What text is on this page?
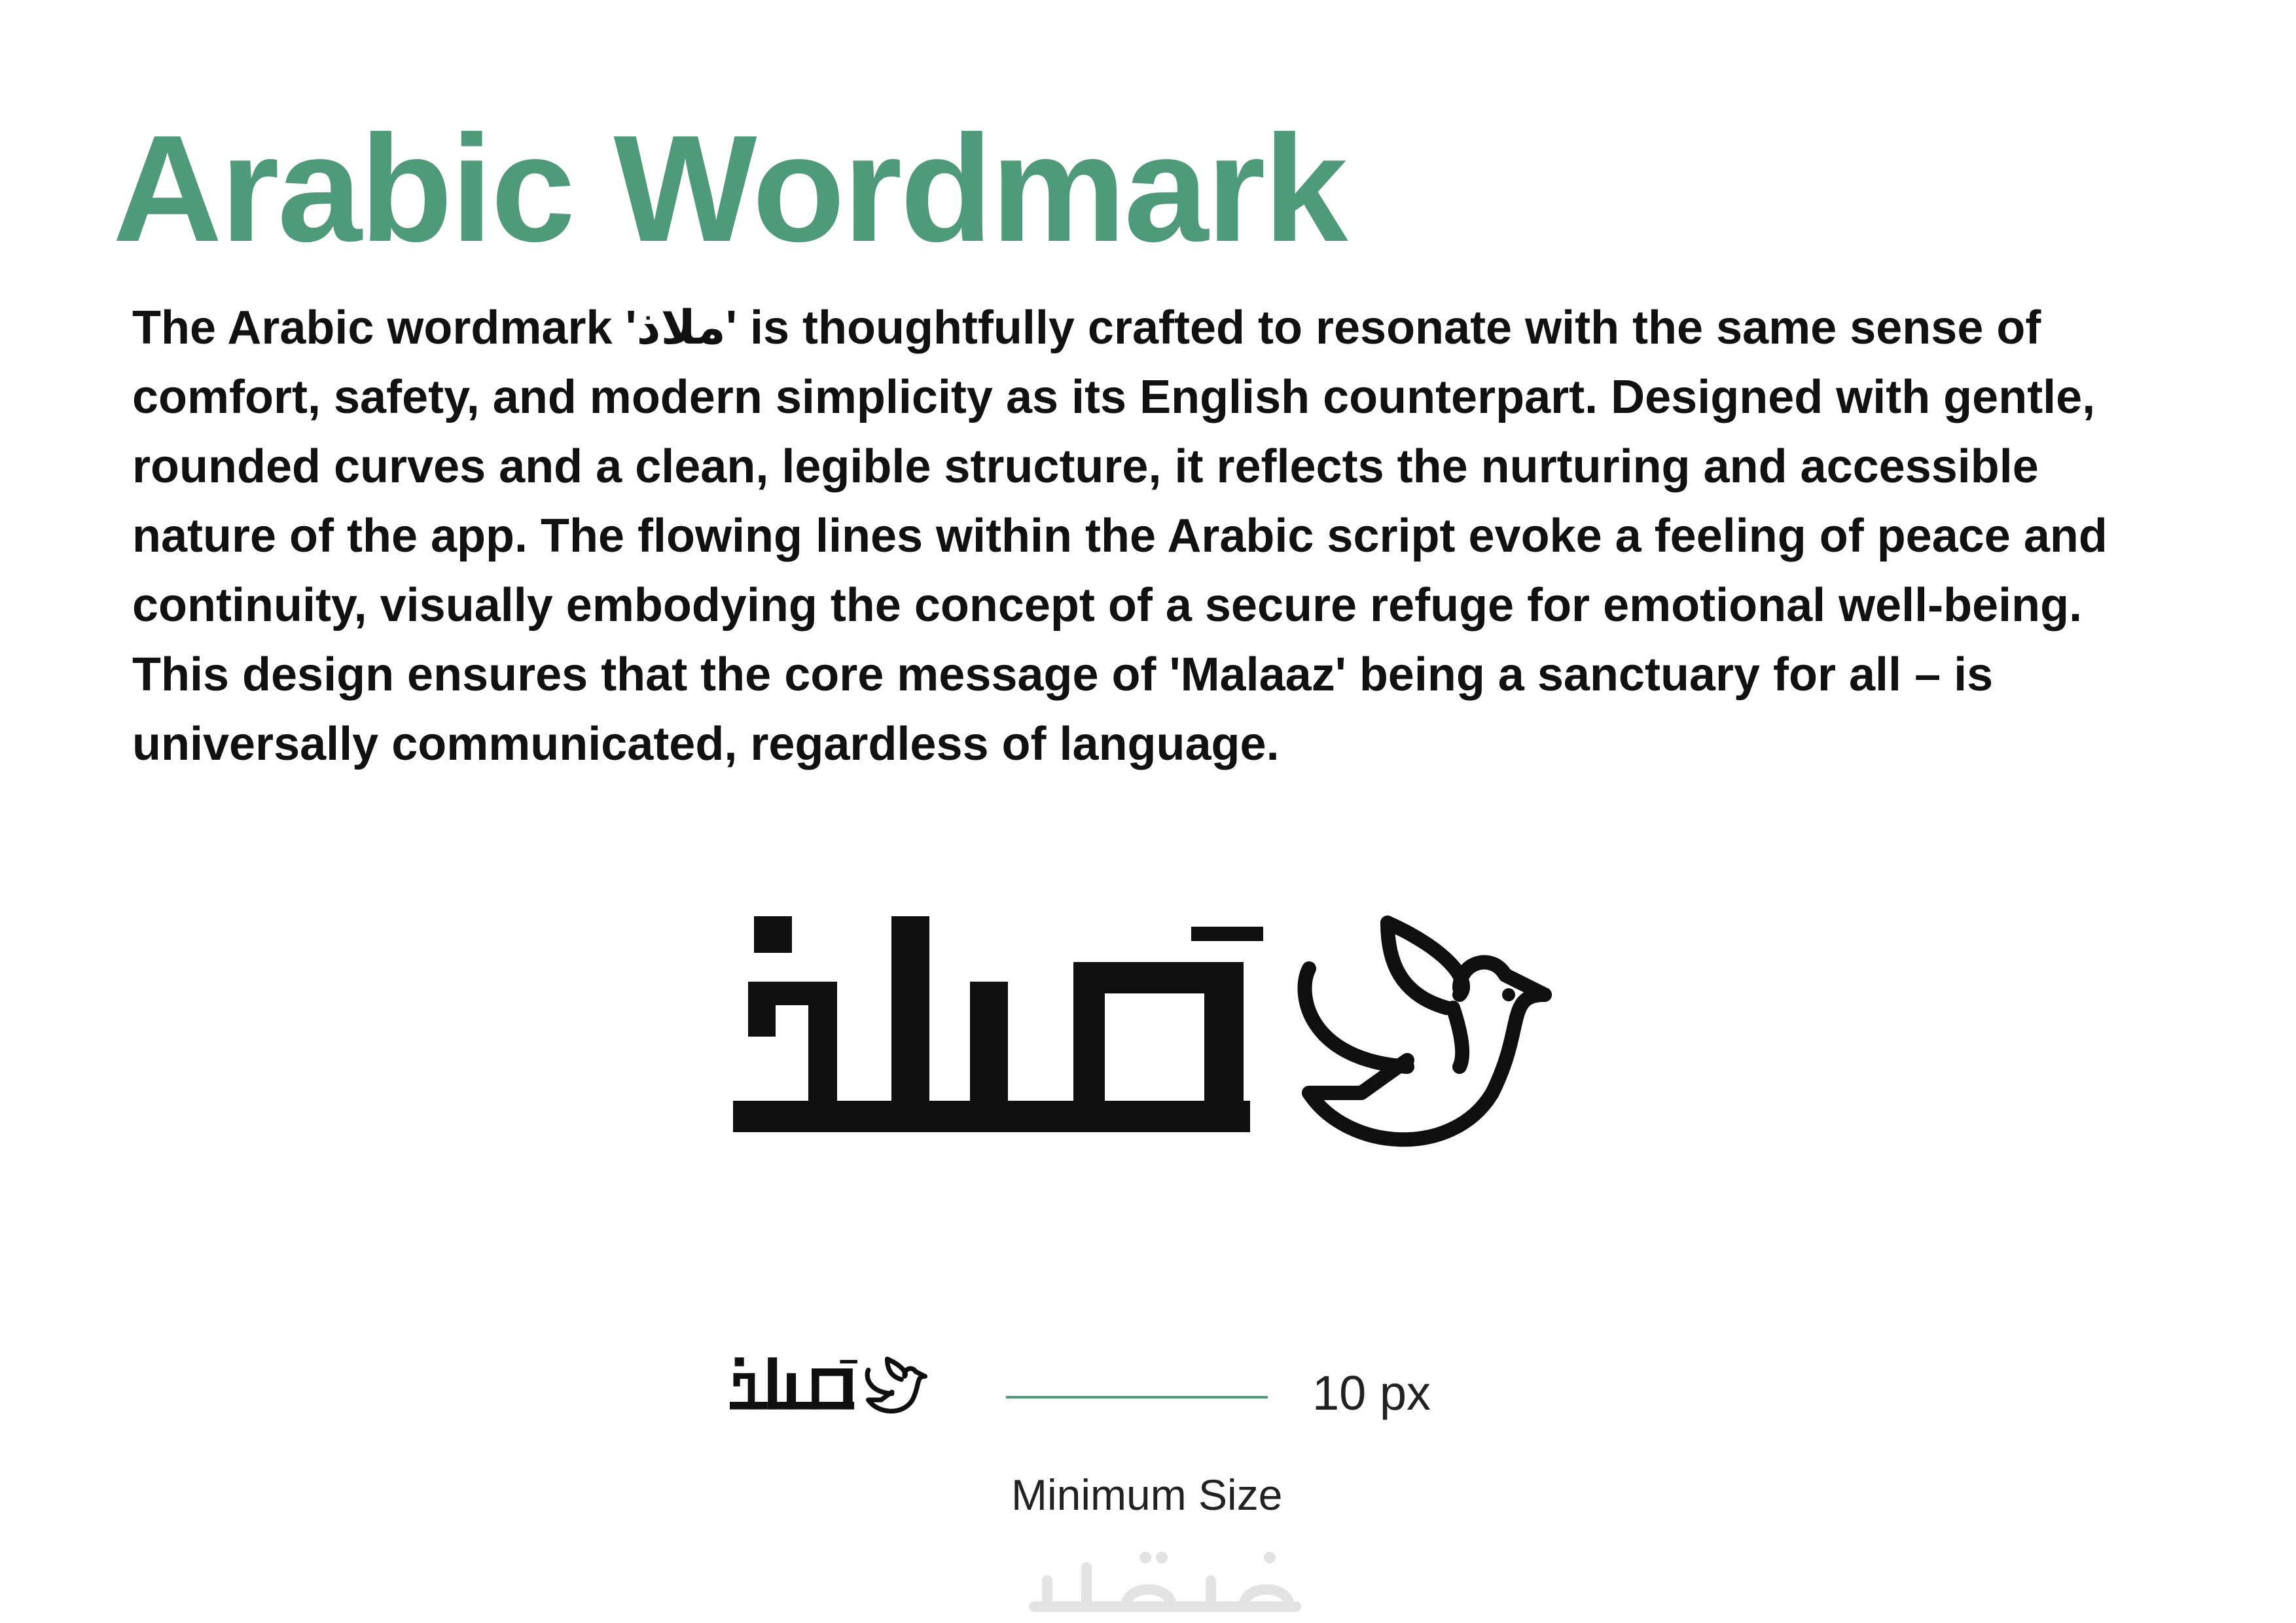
Arabic Wordmark

The Arabic wordmark 'ملاذ' is thoughtfully crafted to resonate with the same sense of comfort, safety, and modern simplicity as its English counterpart. Designed with gentle, rounded curves and a clean, legible structure, it reflects the nurturing and accessible nature of the app. The flowing lines within the Arabic script evoke a feeling of peace and continuity, visually embodying the concept of a secure refuge for emotional well-being. This design ensures that the core message of 'Malaaz' being a sanctuary for all – is universally communicated, regardless of language.

10 px
Minimum Size
